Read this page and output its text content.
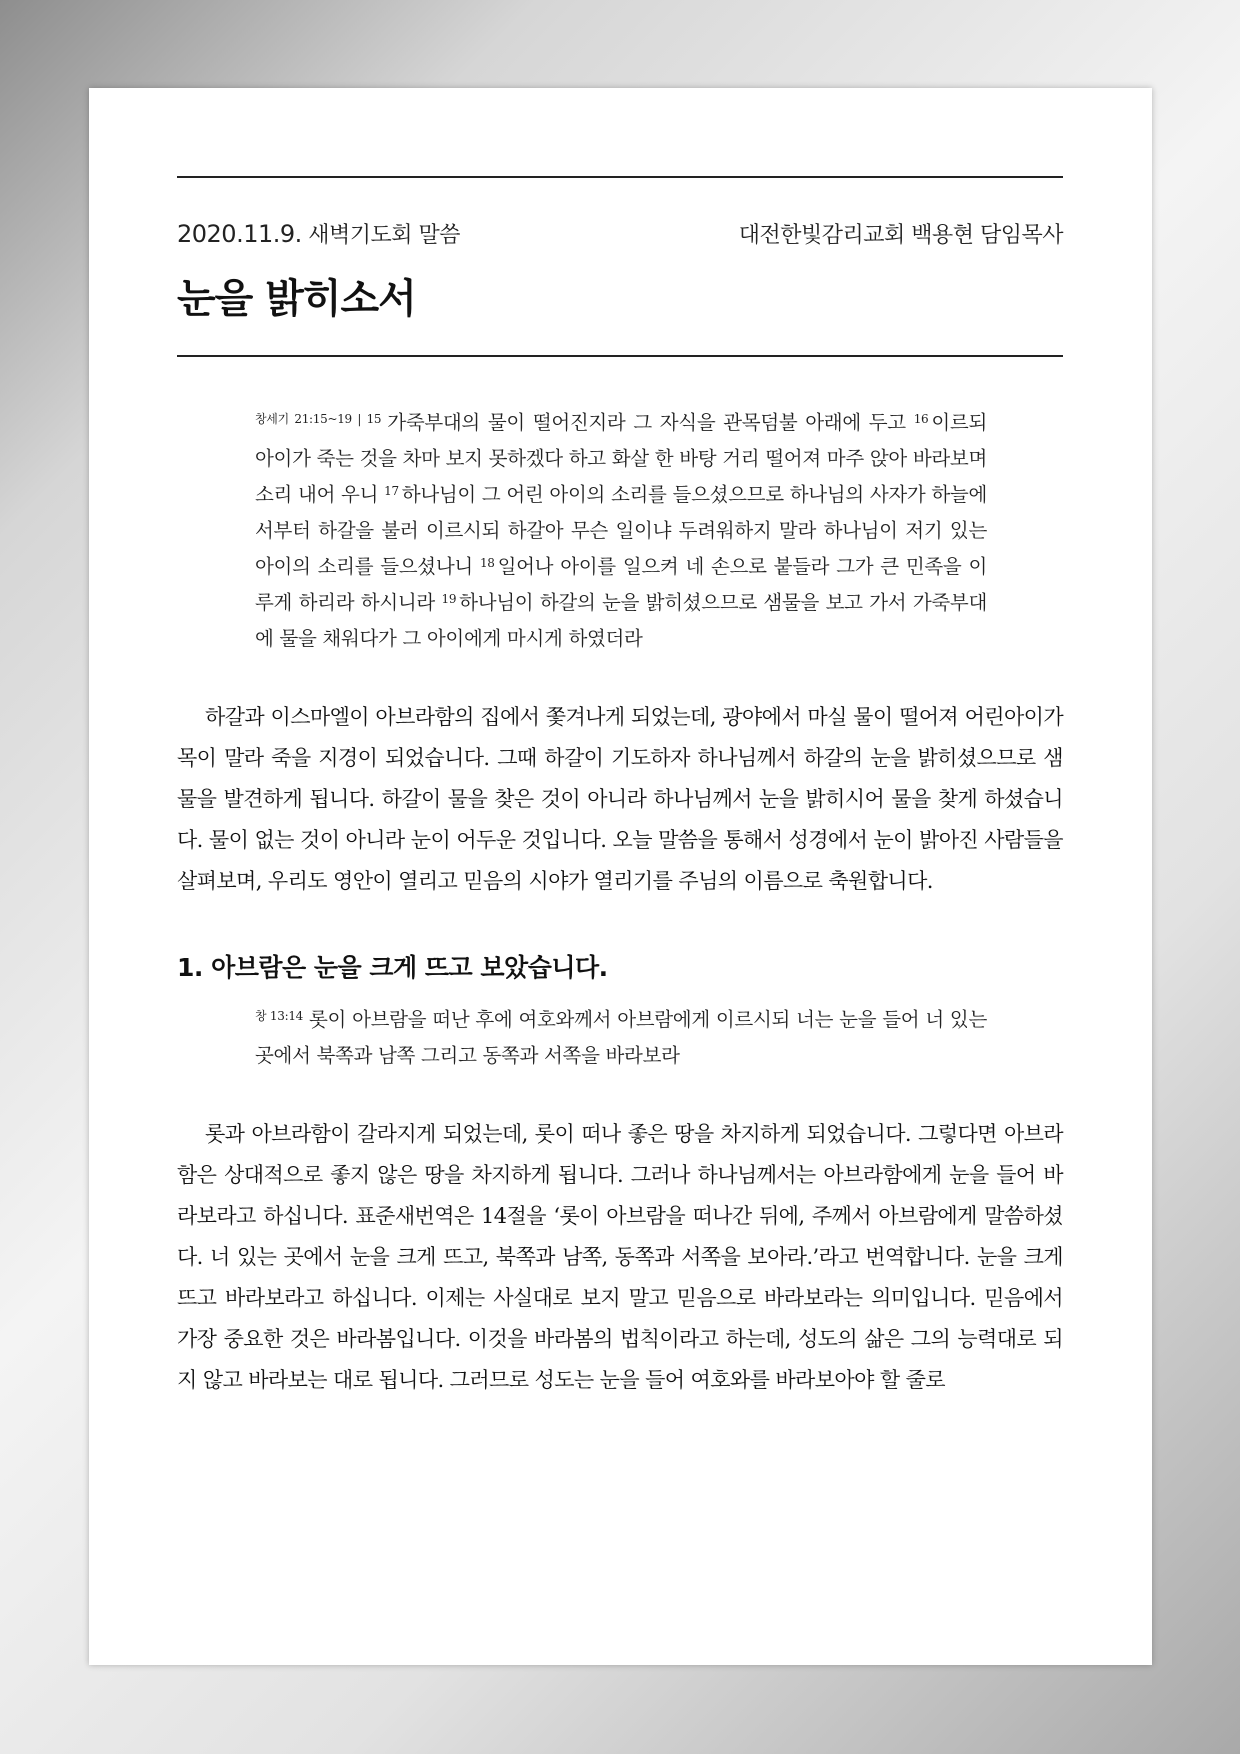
2020.11.9. 새벽기도회 말씀	대전한빛감리교회 백용현 담임목사
눈을 밝히소서
$^{창세기 21:15\sim 19 | 15}$ 가죽부대의 물이 떨어진지라 그 자식을 관목덤불 아래에 두고 $^{16}$ 이르되 아이가 죽는 것을 차마 보지 못하겠다 하고 화살 한 바탕 거리 떨어져 마주 앉아 바라보며 소리 내어 우니 $^{17}$ 하나님이 그 어린 아이의 소리를 들으셨으므로 하나님의 사자가 하늘에서부터 하갈을 불러 이르시되 하갈아 무슨 일이냐 두려워하지 말라 하나님이 저기 있는 아이의 소리를 들으셨나니 $^{18}$ 일어나 아이를 일으켜 네 손으로 붙들라 그가 큰 민족을 이루게 하리라 하시니라 $^{19}$ 하나님이 하갈의 눈을 밝히셨으므로 샘물을 보고 가서 가죽부대에 물을 채워다가 그 아이에게 마시게 하였더라

하갈과 이스마엘이 아브라함의 집에서 쫓겨나게 되었는데, 광야에서 마실 물이 떨어져 어린아이가 목이 말라 죽을 지경이 되었습니다. 그때 하갈이 기도하자 하나님께서 하갈의 눈을 밝히셨으므로 샘물을 발견하게 됩니다. 하갈이 물을 찾은 것이 아니라 하나님께서 눈을 밝히시어 물을 찾게 하셨습니다. 물이 없는 것이 아니라 눈이 어두운 것입니다. 오늘 말씀을 통해서 성경에서 눈이 밝아진 사람들을 살펴보며, 우리도 영안이 열리고 믿음의 시야가 열리기를 주님의 이름으로 축원합니다.

1. 아브람은 눈을 크게 뜨고 보았습니다.
$^{창 13:14}$ 롯이 아브람을 떠난 후에 여호와께서 아브람에게 이르시되 너는 눈을 들어 너 있는 곳에서 북쪽과 남쪽 그리고 동쪽과 서쪽을 바라보라

롯과 아브라함이 갈라지게 되었는데, 롯이 떠나 좋은 땅을 차지하게 되었습니다. 그렇다면 아브라함은 상대적으로 좋지 않은 땅을 차지하게 됩니다. 그러나 하나님께서는 아브라함에게 눈을 들어 바라보라고 하십니다. 표준새번역은 14절을 ‘롯이 아브람을 떠나간 뒤에, 주께서 아브람에게 말씀하셨다. 너 있는 곳에서 눈을 크게 뜨고, 북쪽과 남쪽, 동쪽과 서쪽을 보아라.’라고 번역합니다. 눈을 크게 뜨고 바라보라고 하십니다. 이제는 사실대로 보지 말고 믿음으로 바라보라는 의미입니다. 믿음에서 가장 중요한 것은 바라봄입니다. 이것을 바라봄의 법칙이라고 하는데, 성도의 삶은 그의 능력대로 되지 않고 바라보는 대로 됩니다. 그러므로 성도는 눈을 들어 여호와를 바라보아야 할 줄로
